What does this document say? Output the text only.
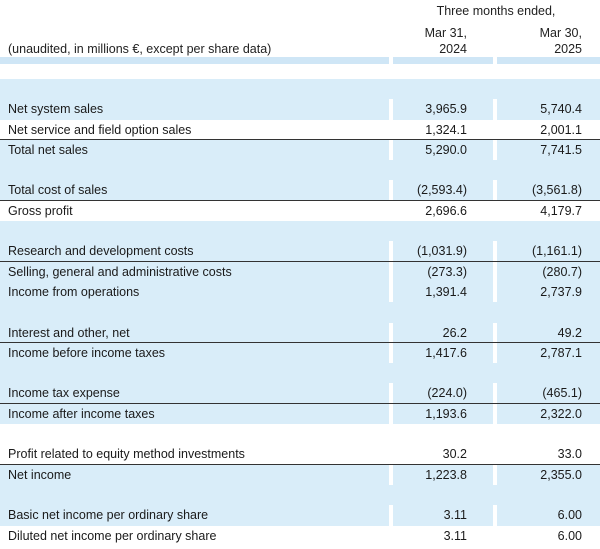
Three months ended,
Mar 31,	Mar 30,
2024	2025
(unaudited, in millions €, except per share data)
Net system sales	3,965.9	5,740.4
Net service and field option sales	1,324.1	2,001.1
Total net sales	5,290.0	7,741.5
Total cost of sales	(2,593.4)	(3,561.8)
Gross profit	2,696.6	4,179.7
Research and development costs	(1,031.9)	(1,161.1)
Selling, general and administrative costs	(273.3)	(280.7)
Income from operations	1,391.4	2,737.9
Interest and other, net	26.2	49.2
Income before income taxes	1,417.6	2,787.1
Income tax expense	(224.0)	(465.1)
Income after income taxes	1,193.6	2,322.0
Profit related to equity method investments	30.2	33.0
Net income	1,223.8	2,355.0
Basic net income per ordinary share	3.11	6.00
Diluted net income per ordinary share	3.11	6.00
